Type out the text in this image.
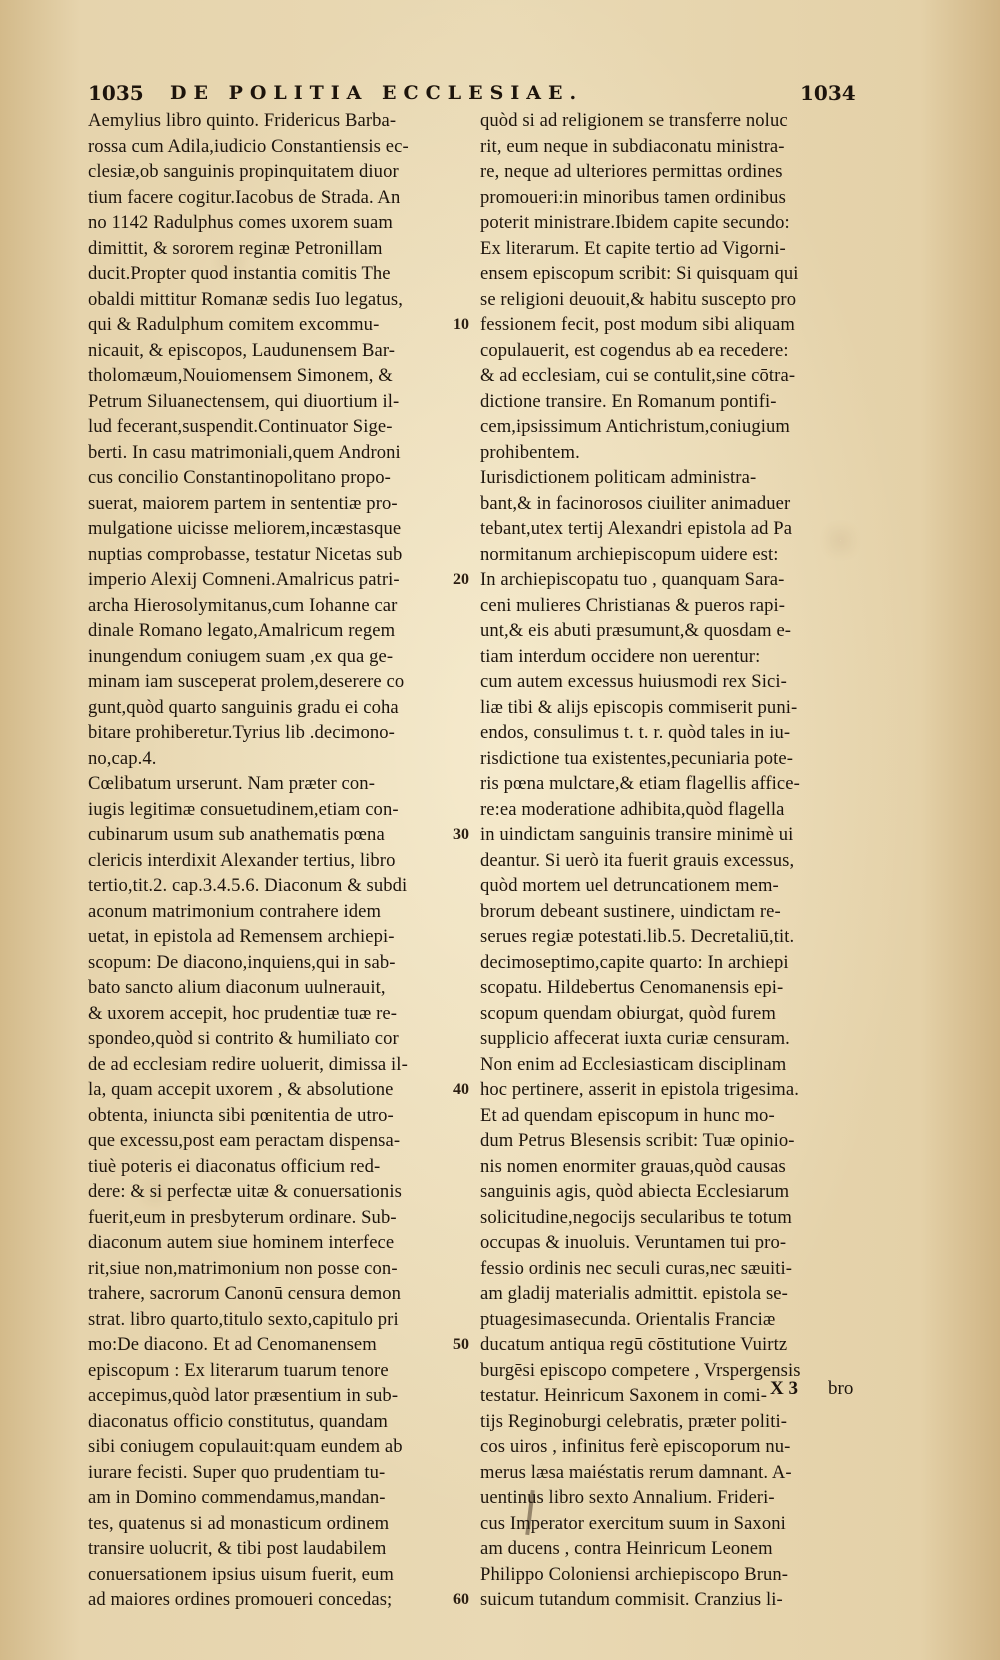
1035 DE POLITIA ECCLESIAE.	1034
Aemylius libro quinto. Fridericus Barba-
rossa cum Adila,iudicio Constantiensis ec-
clesiæ,ob sanguinis propinquitatem diuor
tium facere cogitur.Iacobus de Strada. An
no 1142 Radulphus comes uxorem suam
dimittit, & sororem reginæ Petronillam
ducit.Propter quod instantia comitis The
obaldi mittitur Romanæ sedis Iuo legatus,
qui & Radulphum comitem excommu-
nicauit, & episcopos, Laudunensem Bar-
tholomæum,Nouiomensem Simonem, &
Petrum Siluanectensem, qui diuortium il-
lud fecerant,suspendit.Continuator Sige-
berti. In casu matrimoniali,quem Androni
cus concilio Constantinopolitano propo-
suerat, maiorem partem in sententiæ pro-
mulgatione uicisse meliorem,incæstasque
nuptias comprobasse, testatur Nicetas sub
imperio Alexij Comneni.Amalricus patri-
archa Hierosolymitanus,cum Iohanne car
dinale Romano legato,Amalricum regem
inungendum coniugem suam ,ex qua ge-
minam iam susceperat prolem,deserere co
gunt,quòd quarto sanguinis gradu ei coha
bitare prohiberetur.Tyrius lib .decimono-
no,cap.4.
Cœlibatum urserunt. Nam præter con-
iugis legitimæ consuetudinem,etiam con-
cubinarum usum sub anathematis pœna
clericis interdixit Alexander tertius, libro
tertio,tit.2. cap.3.4.5.6. Diaconum & subdi
aconum matrimonium contrahere idem
uetat, in epistola ad Remensem archiepi-
scopum: De diacono,inquiens,qui in sab-
bato sancto alium diaconum uulnerauit,
& uxorem accepit, hoc prudentiæ tuæ re-
spondeo,quòd si contrito & humiliato cor
de ad ecclesiam redire uoluerit, dimissa il-
la, quam accepit uxorem , & absolutione
obtenta, iniuncta sibi pœnitentia de utro-
que excessu,post eam peractam dispensa-
tiuè poteris ei diaconatus officium red-
dere: & si perfectæ uitæ & conuersationis
fuerit,eum in presbyterum ordinare. Sub-
diaconum autem siue hominem interfece
rit,siue non,matrimonium non posse con-
trahere, sacrorum Canonū censura demon
strat. libro quarto,titulo sexto,capitulo pri
mo:De diacono. Et ad Cenomanensem
episcopum : Ex literarum tuarum tenore
accepimus,quòd lator præsentium in sub-
diaconatus officio constitutus, quandam
sibi coniugem copulauit:quam eundem ab
iurare fecisti. Super quo prudentiam tu-
am in Domino commendamus,mandan-
tes, quatenus si ad monasticum ordinem
transire uolucrit, & tibi post laudabilem
conuersationem ipsius uisum fuerit, eum
ad maiores ordines promoueri concedas;
quòd si ad religionem se transferre noluc
rit, eum neque in subdiaconatu ministra-
re, neque ad ulteriores permittas ordines
promoueri:in minoribus tamen ordinibus
poterit ministrare.Ibidem capite secundo:
Ex literarum. Et capite tertio ad Vigorni-
ensem episcopum scribit: Si quisquam qui
se religioni deuouit,& habitu suscepto pro
fessionem fecit, post modum sibi aliquam
copulauerit, est cogendus ab ea recedere:
& ad ecclesiam, cui se contulit,sine cōtra-
dictione transire. En Romanum pontifi-
cem,ipsissimum Antichristum,coniugium
prohibentem.
Iurisdictionem politicam administra-
bant,& in facinorosos ciuiliter animaduer
tebant,utex tertij Alexandri epistola ad Pa
normitanum archiepiscopum uidere est:
In archiepiscopatu tuo , quanquam Sara-
ceni mulieres Christianas & pueros rapi-
unt,& eis abuti præsumunt,& quosdam e-
tiam interdum occidere non uerentur:
cum autem excessus huiusmodi rex Sici-
liæ tibi & alijs episcopis commiserit puni-
endos, consulimus t. t. r. quòd tales in iu-
risdictione tua existentes,pecuniaria pote-
ris pœna mulctare,& etiam flagellis affice-
re:ea moderatione adhibita,quòd flagella
in uindictam sanguinis transire minimè ui
deantur. Si uerò ita fuerit grauis excessus,
quòd mortem uel detruncationem mem-
brorum debeant sustinere, uindictam re-
serues regiæ potestati.lib.5. Decretaliū,tit.
decimoseptimo,capite quarto: In archiepi
scopatu. Hildebertus Cenomanensis epi-
scopum quendam obiurgat, quòd furem
supplicio affecerat iuxta curiæ censuram.
Non enim ad Ecclesiasticam disciplinam
hoc pertinere, asserit in epistola trigesima.
Et ad quendam episcopum in hunc mo-
dum Petrus Blesensis scribit: Tuæ opinio-
nis nomen enormiter grauas,quòd causas
sanguinis agis, quòd abiecta Ecclesiarum
solicitudine,negocijs secularibus te totum
occupas & inuoluis. Veruntamen tui pro-
fessio ordinis nec seculi curas,nec sæuiti-
am gladij materialis admittit. epistola se-
ptuagesimasecunda. Orientalis Franciæ
ducatum antiqua regū cōstitutione Vuirtz
burgēsi episcopo competere , Vrspergensis
testatur. Heinricum Saxonem in comi-
tijs Reginoburgi celebratis, præter politi-
cos uiros , infinitus ferè episcoporum nu-
merus læsa maiéstatis rerum damnant. A-
uentinus libro sexto Annalium. Frideri-
cus Imperator exercitum suum in Saxoni
am ducens , contra Heinricum Leonem
Philippo Coloniensi archiepiscopo Brun-
suicum tutandum commisit. Cranzius li-
10
20
30
40
50
60
X 3 bro
